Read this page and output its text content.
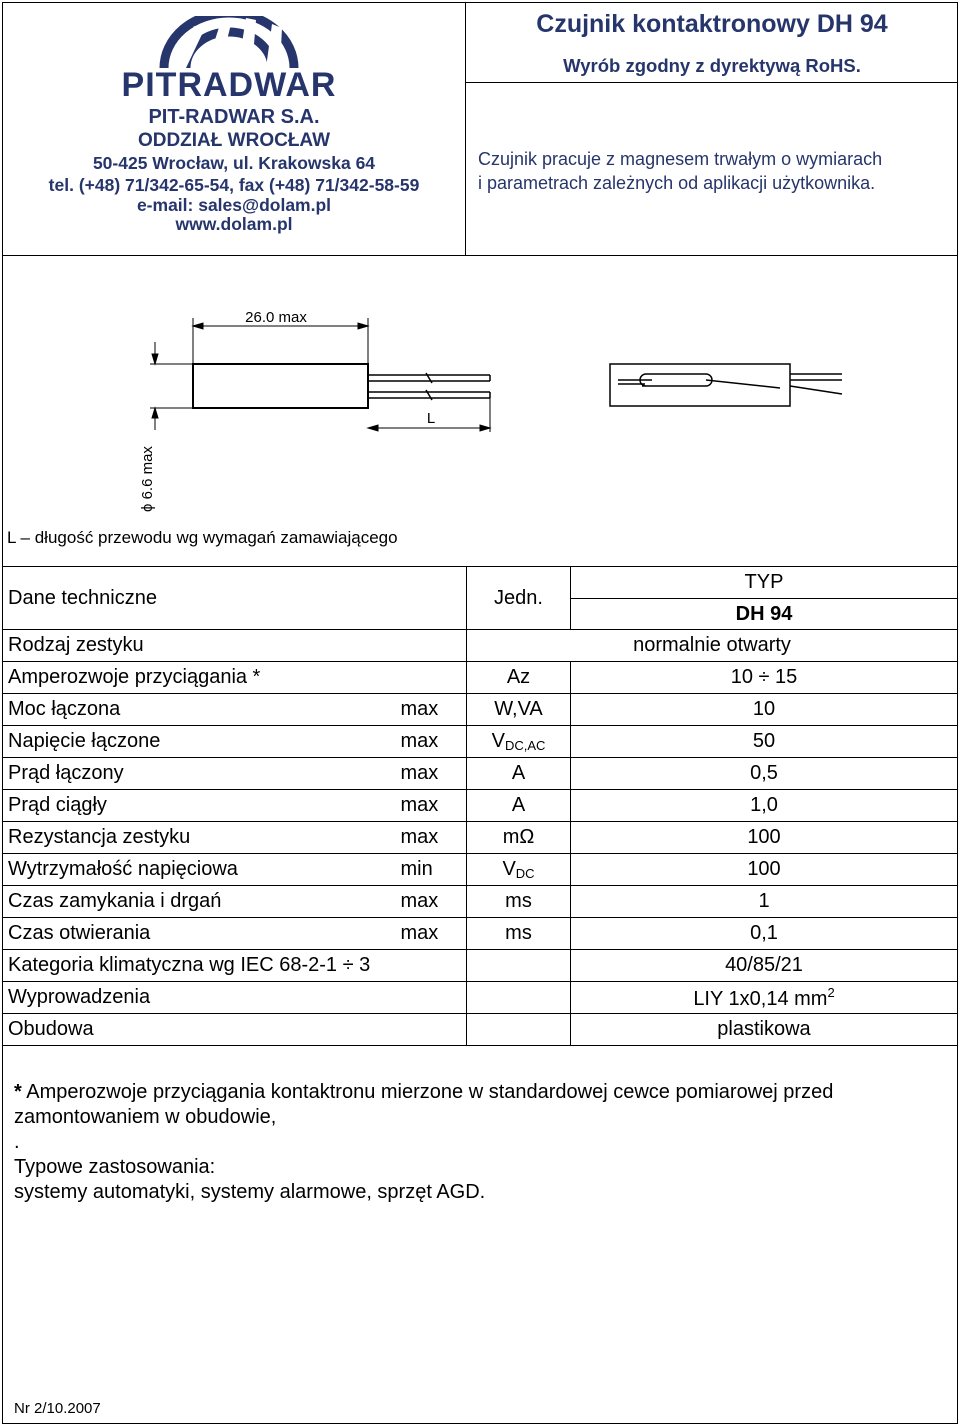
PITRADWAR
PIT-RADWAR S.A.
ODDZIAŁ WROCŁAW
50-425 Wrocław, ul. Krakowska 64
tel. (+48) 71/342-65-54, fax (+48) 71/342-58-59
e-mail: sales@dolam.pl
www.dolam.pl
Czujnik kontaktronowy DH 94
Wyrób zgodny z dyrektywą RoHS.
Czujnik pracuje z magnesem trwałym o wymiarach
i parametrach zależnych od aplikacji użytkownika.
26.0 max
L
ϕ 6.6 max
L – długość przewodu wg wymagań zamawiającego
Dane techniczne		Jedn.	TYP
DH 94

Rodzaj zestyku		normalnie otwarty	
Amperozwoje przyciągania *		Az	10 ÷ 15
Moc łączona	max	W,VA	10
Napięcie łączone	max	$V_{DC,AC}$	50
Prąd łączony	max	A	0,5
Prąd ciągły	max	A	1,0
Rezystancja zestyku	max	mΩ	100
Wytrzymałość napięciowa	min	$V_{DC}$	100
Czas zamykania i drgań	max	ms	1
Czas otwierania	max	ms	0,1
Kategoria klimatyczna wg IEC 68-2-1 ÷ 3			40/85/21
Wyprowadzenia			LIY 1x0,14 $mm^2$
Obudowa			plastikowa
* Amperozwoje przyciągania kontaktronu mierzone w standardowej cewce pomiarowej przed
zamontowaniem w obudowie,
.
Typowe zastosowania:
systemy automatyki, systemy alarmowe, sprzęt AGD.
Nr 2/10.2007
